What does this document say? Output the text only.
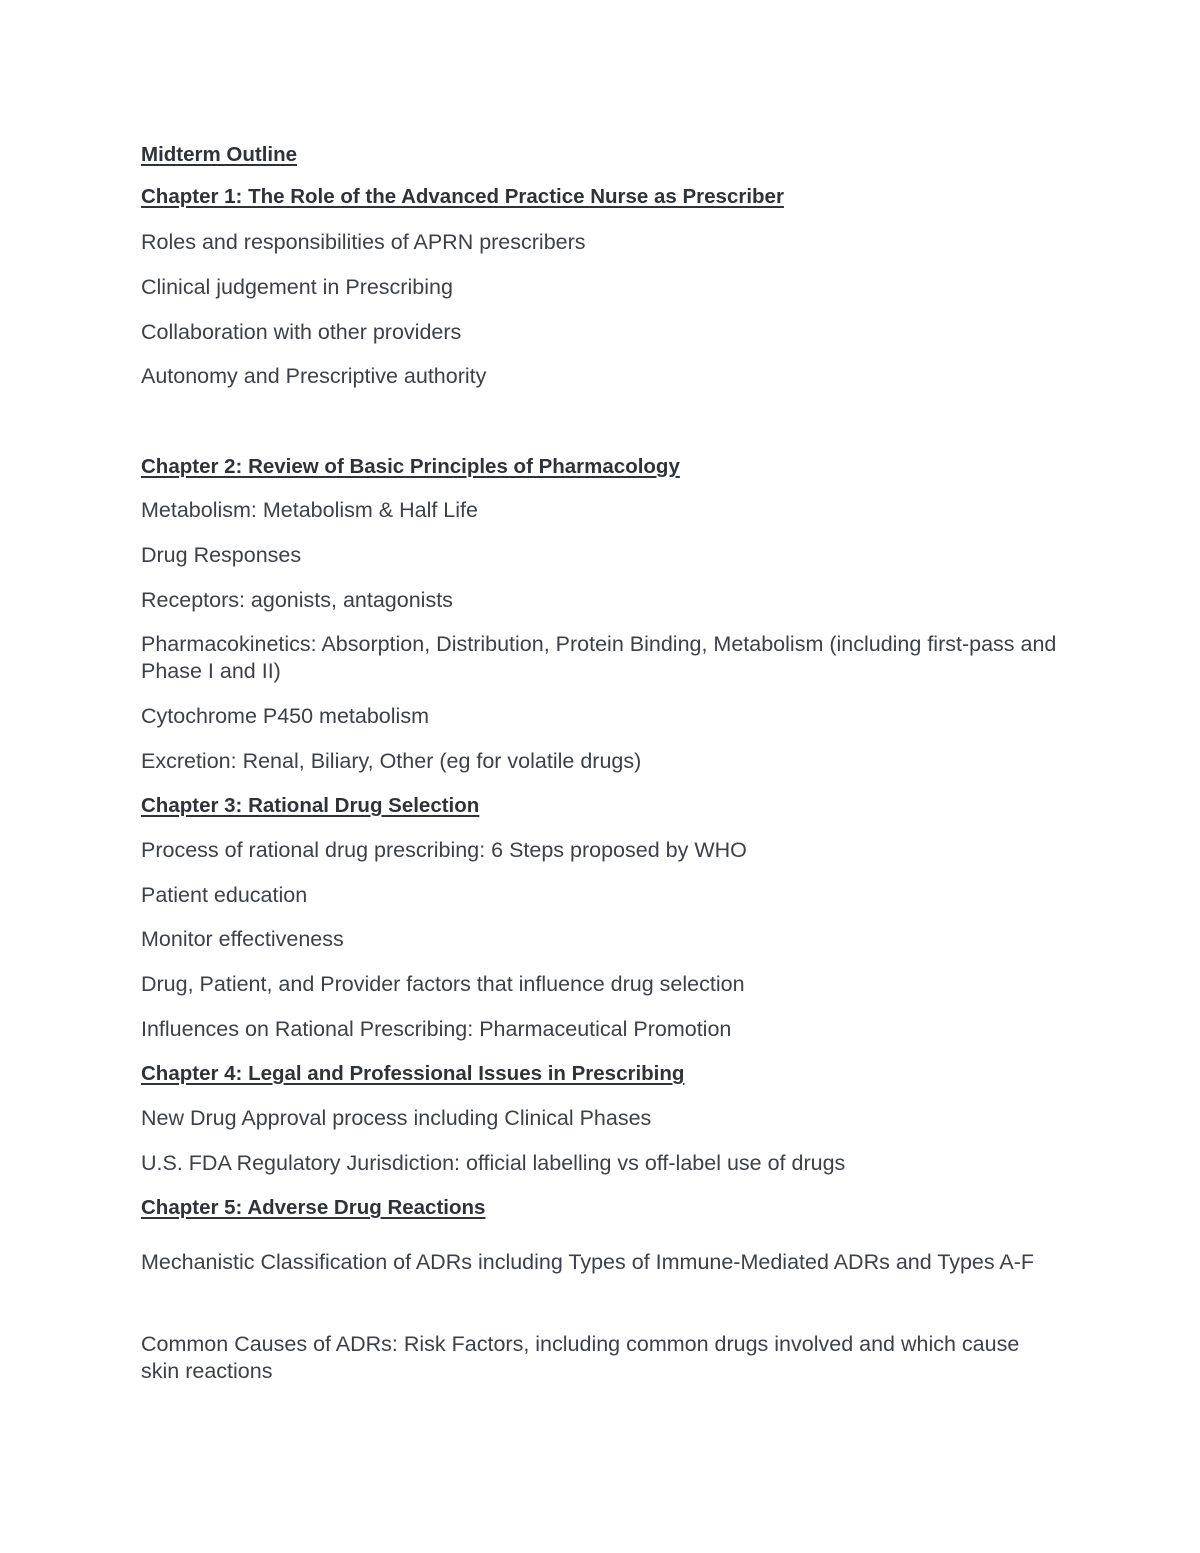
Midterm Outline
Chapter 1: The Role of the Advanced Practice Nurse as Prescriber
Roles and responsibilities of APRN prescribers
Clinical judgement in Prescribing
Collaboration with other providers
Autonomy and Prescriptive authority
Chapter 2: Review of Basic Principles of Pharmacology
Metabolism: Metabolism & Half Life
Drug Responses
Receptors: agonists, antagonists
Pharmacokinetics: Absorption, Distribution, Protein Binding, Metabolism (including first-pass and Phase I and II)
Cytochrome P450 metabolism
Excretion: Renal, Biliary, Other (eg for volatile drugs)
Chapter 3: Rational Drug Selection
Process of rational drug prescribing: 6 Steps proposed by WHO
Patient education
Monitor effectiveness
Drug, Patient, and Provider factors that influence drug selection
Influences on Rational Prescribing: Pharmaceutical Promotion
Chapter 4: Legal and Professional Issues in Prescribing
New Drug Approval process including Clinical Phases
U.S. FDA Regulatory Jurisdiction: official labelling vs off-label use of drugs
Chapter 5: Adverse Drug Reactions
Mechanistic Classification of ADRs including Types of Immune-Mediated ADRs and Types A-F
Common Causes of ADRs: Risk Factors, including common drugs involved and which cause skin reactions
